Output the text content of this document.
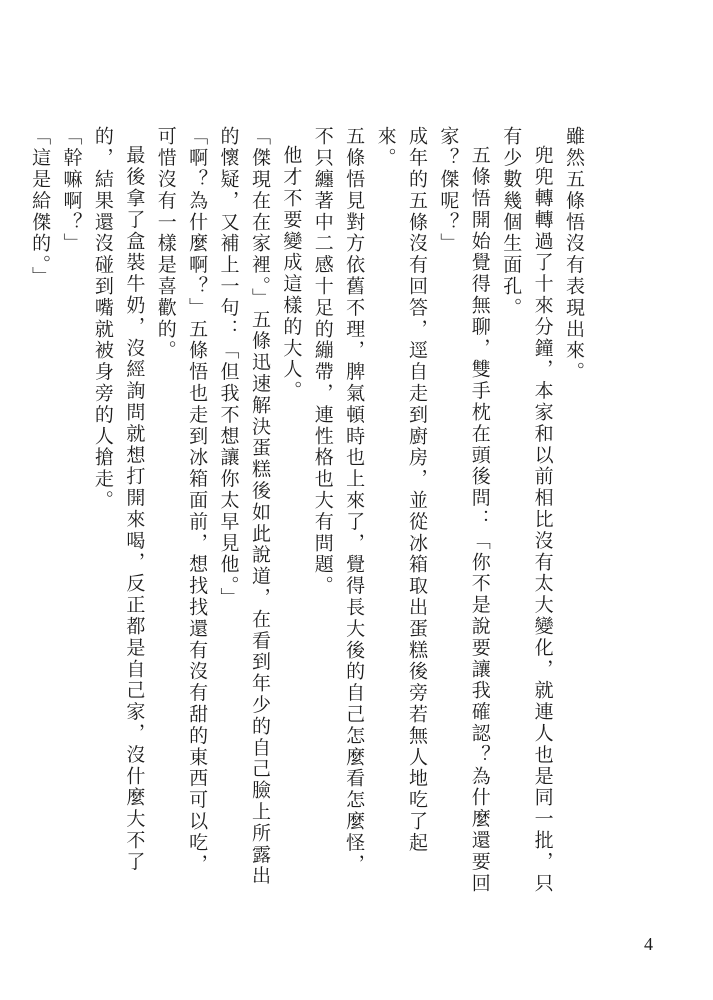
雖然五條悟沒有表現出來。

兜兜轉轉過了十來分鐘，本家和以前相比沒有太大變化，就連人也是同一批，只有少數幾個生面孔。

五條悟開始覺得無聊，雙手枕在頭後問：「你不是說要讓我確認？為什麼還要回家？傑呢？」

成年的五條沒有回答，逕自走到廚房，並從冰箱取出蛋糕後旁若無人地吃了起來。

五條悟見對方依舊不理，脾氣頓時也上來了，覺得長大後的自己怎麼看怎麼怪，不只纏著中二感十足的繃帶，連性格也大有問題。

他才不要變成這樣的大人。

「傑現在在家裡。」五條迅速解決蛋糕後如此說道，在看到年少的自己臉上所露出的懷疑，又補上一句：「但我不想讓你太早見他。」

「啊？為什麼啊？」五條悟也走到冰箱面前，想找找還有沒有甜的東西可以吃，可惜沒有一樣是喜歡的。

最後拿了盒裝牛奶，沒經詢問就想打開來喝，反正都是自己家，沒什麼大不了的，結果還沒碰到嘴就被身旁的人搶走。

「幹嘛啊？」

「這是給傑的。」

4
